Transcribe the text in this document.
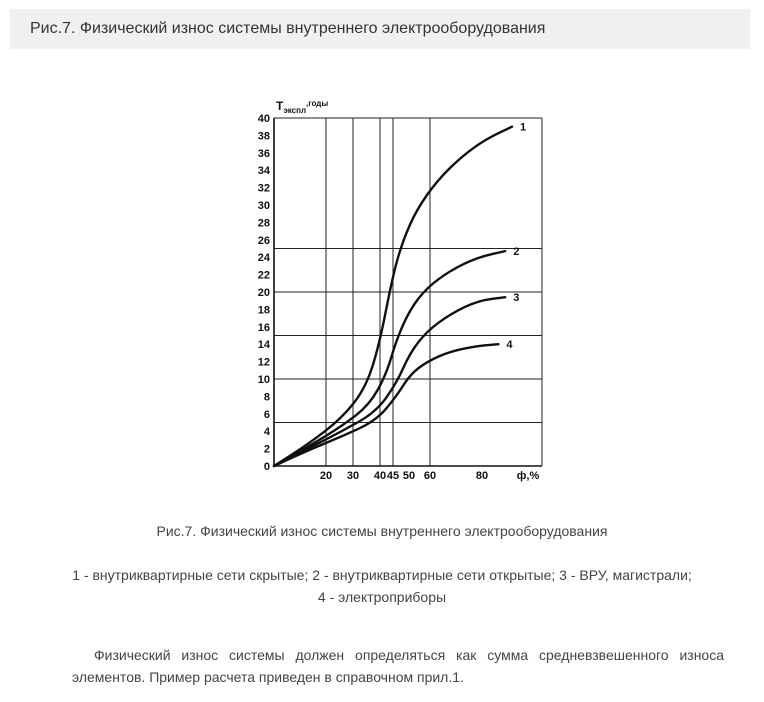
Рис.7. Физический износ системы внутреннего электрооборудования
0
2
4
6
8
10
12
14
16
18
20
22
24
26
28
30
32
34
36
38
40
20 30 40 45 50 60	80	ф,%
$Т_{экспл}^{,годы}$
1
2
3
4
Рис.7. Физический износ системы внутреннего электрооборудования
1 - внутриквартирные сети скрытые; 2 - внутриквартирные сети открытые; 3 - ВРУ, магистрали; 4 - электроприборы
Физический износ системы должен определяться как сумма средневзвешенного износа элементов. Пример расчета приведен в справочном прил.1.
